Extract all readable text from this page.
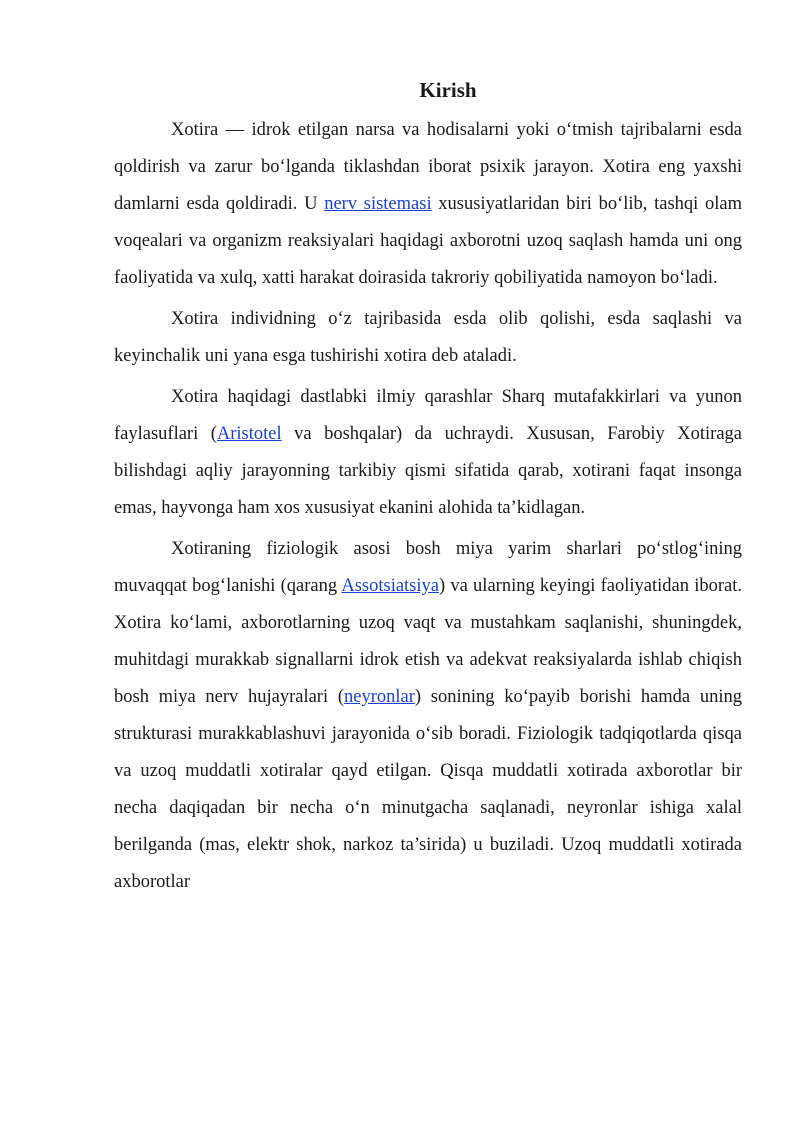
Kirish

Xotira — idrok etilgan narsa va hodisalarni yoki o‘tmish tajribalarni esda qoldirish va zarur bo‘lganda tiklashdan iborat psixik jarayon. Xotira eng yaxshi damlarni esda qoldiradi. U nerv sistemasi xususiyatlaridan biri bo‘lib, tashqi olam voqealari va organizm reaksiyalari haqidagi axborotni uzoq saqlash hamda uni ong faoliyatida va xulq, xatti harakat doirasida takroriy qobiliyatida namoyon bo‘ladi.

Xotira individning o‘z tajribasida esda olib qolishi, esda saqlashi va keyinchalik uni yana esga tushirishi xotira deb ataladi.

Xotira haqidagi dastlabki ilmiy qarashlar Sharq mutafakkirlari va yunon faylasuflari (Aristotel va boshqalar) da uchraydi. Xususan, Farobiy Xotiraga bilishdagi aqliy jarayonning tarkibiy qismi sifatida qarab, xotirani faqat insonga emas, hayvonga ham xos xususiyat ekanini alohida ta’kidlagan.

Xotiraning fiziologik asosi bosh miya yarim sharlari po‘stlog‘ining muvaqqat bog‘lanishi (qarang Assotsiatsiya) va ularning keyingi faoliyatidan iborat. Xotira ko‘lami, axborotlarning uzoq vaqt va mustahkam saqlanishi, shuningdek, muhitdagi murakkab signallarni idrok etish va adekvat reaksiyalarda ishlab chiqish bosh miya nerv hujayralari (neyronlar) sonining ko‘payib borishi hamda uning strukturasi murakkablashuvi jarayonida o‘sib boradi. Fiziologik tadqiqotlarda qisqa va uzoq muddatli xotiralar qayd etilgan. Qisqa muddatli xotirada axborotlar bir necha daqiqadan bir necha o‘n minutgacha saqlanadi, neyronlar ishiga xalal berilganda (mas, elektr shok, narkoz ta’sirida) u buziladi. Uzoq muddatli xotirada axborotlar
